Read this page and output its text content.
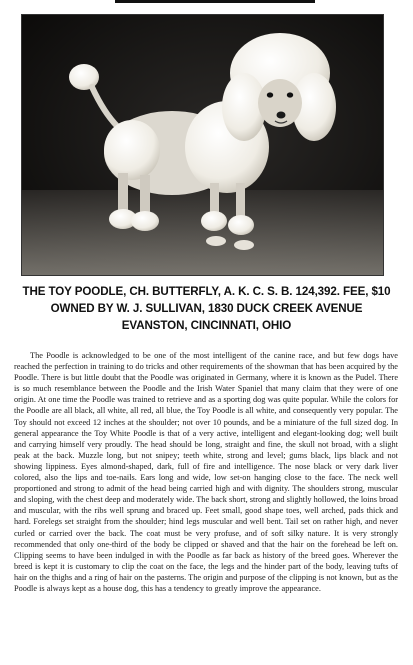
THE TOY POODLE, CH. BUTTERFLY, A. K. C. S. B. 124,392. FEE, $10
OWNED BY W. J. SULLIVAN, 1830 DUCK CREEK AVENUE
EVANSTON, CINCINNATI, OHIO

The Poodle is acknowledged to be one of the most intelligent of the canine race, and but few dogs have reached the perfection in training to do tricks and other requirements of the showman that has been acquired by the Poodle. There is but little doubt that the Poodle was originated in Germany, where it is known as the Pudel. There is so much resemblance between the Poodle and the Irish Water Spaniel that many claim that they were of one origin. At one time the Poodle was trained to retrieve and as a sporting dog was quite popular. While the colors for the Poodle are all black, all white, all red, all blue, the Toy Poodle is all white, and consequently very popular. The Toy should not exceed 12 inches at the shoulder; not over 10 pounds, and be a miniature of the full sized dog. In general appearance the Toy White Poodle is that of a very active, intelligent and elegant-looking dog; well built and carrying himself very proudly. The head should be long, straight and fine, the skull not broad, with a slight peak at the back. Muzzle long, but not snipey; teeth white, strong and level; gums black, lips black and not showing lippiness. Eyes almond-shaped, dark, full of fire and intelligence. The nose black or very dark liver colored, also the lips and toe-nails. Ears long and wide, low set-on hanging close to the face. The neck well proportioned and strong to admit of the head being carried high and with dignity. The shoulders strong, muscular and sloping, with the chest deep and moderately wide. The back short, strong and slightly hollowed, the loins broad and muscular, with the ribs well sprung and braced up. Feet small, good shape toes, well arched, pads thick and hard. Forelegs set straight from the shoulder; hind legs muscular and well bent. Tail set on rather high, and never curled or carried over the back. The coat must be very profuse, and of soft silky nature. It is very strongly recommended that only one-third of the body be clipped or shaved and that the hair on the forehead be left on. Clipping seems to have been indulged in with the Poodle as far back as history of the breed goes. Wherever the breed is kept it is customary to clip the coat on the face, the legs and the hinder part of the body, leaving tufts of hair on the thighs and a ring of hair on the pasterns. The origin and purpose of the clipping is not known, but as the Poodle is always kept as a house dog, this has a tendency to greatly improve the appearance.
